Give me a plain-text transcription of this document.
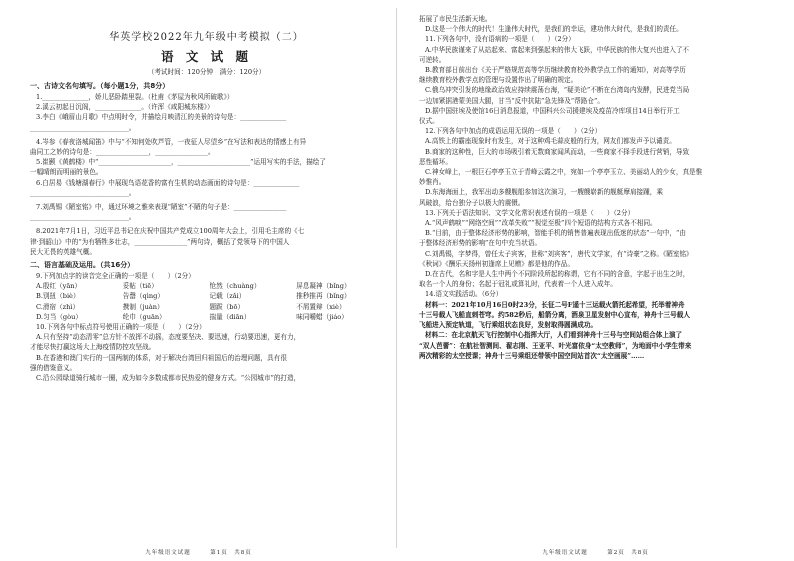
华英学校2022年九年级中考模拟（二）
语 文 试 题
（考试时间：120分钟　满分：120分）
一、古诗文名句填写。（每小题1分，共8分）
1.______________，娇儿恶卧踏里裂。（杜甫《茅屋为秋风所破歌》）
2.溪云初起日沉阁，______________。（许浑《咸阳城东楼》）
3.李白《峨眉山月歌》中点明时令，并描绘月映清江的美景的诗句是：______________
______________________________。
4.岑参《春夜洛城闻笛》中与“不知何处吹芦管，一夜征人尽望乡”在写法和表达的情感上有异
曲同工之妙的诗句是：________________，________________。
5.崔颢《黄鹤楼》中“______________________，______________________”运用写实的手法，描绘了
一幅晴朗而明丽的景色。
6.白居易《钱塘湖春行》中展现鸟语花香的富有生机的动态画面的诗句是：______________
______________________________。
7.刘禹锡《陋室铭》中，通过环境之雅来表现“陋室”不陋的句子是：________________
______________________________。
8.2021年7月1日，习近平总书记在庆祝中国共产党成立100周年大会上，引用毛主席的《七
律·到韶山》中的“为有牺牲多壮志，________________”两句诗，概括了党领导下的中国人
民大无畏的英雄气概。
二、语言基础及运用。（共16分）
9.下列加点字的读音完全正确的一项是（　　）（2分）
A.殷红（yān）	妥帖（tiē）	怆然（chuàng）	屏息凝神（bǐng）
B.别扭（biè）	告罄（qìng）	记载（zǎi）	推秒推再（bǐng）
C.滑宿（zhì）	携制（juàn）	题跋（bō）	不屑置辩（xiè）
D.匀当（gòu）	纶巾（guān）	揣量（diān）	味同嚼蜡（jiáo）
10.下列各句中标点符号使用正确的一项是（　　）（2分）
A.只有坚持“动态清零”总方针不放挥不动摇，态度要坚决、要迅速，行动要迅速，更有力，
才能尽快打赢这场大上海疫情防控攻坚战。
B.在香港和澳门实行的一国两制的体系，对于解决台湾回归祖国后的治理问题，具有很
强的借鉴意义。
C.沿公园绿道骑行城市一圈，成为如今多数成都市民热爱的健身方式。“公园城市”的打造，
九年级语文试题　　　第1页　共8页
拓展了市民生活新天地。
D.这是一个伟大的时代！生逢伟大时代，是我们的幸运，建功伟大时代，是我们的责任。
11.下列各句中，没有语病的一项是（　　）（2分）
A.中华民族谨来了从站起来、富起来到强起来的伟大飞跃，中华民族的伟大复兴也进入了不
可逆转。
B.教育部日前出台《关于严格规范高等学历继续教育校外教学点工作的通知》，对高等学历
继续教育校外教学点的管理与设置作出了明确的规定。
C.俄乌冲突引发的地缘政治效应持续震荡台海，“疑美论”不断在台湾岛内发酵，民进党当局
一边加紧据港蒙美国大腿，甘当“反中抗陆”急先锋及“帮路仓”。
D.据中国驻埃及使馆16日消息报道，中国科兴公司援建埃及疫苗冷库项目14日举行开工
仪式。
12.下列各句中加点的成语运用无误的一项是（　　）（2分）
A.高铁上的霸座现象时有发生，对于这种鸡毛蒜皮般的行为，网友们都发声予以谴责。
B.商家的这种性，巨大的市场吸引着无数商家闻风而动，一些商家不择手段进行营销，导致
恶性循环。
C.神女峰上，一根巨石亭亭玉立于青峰云霞之中，宛如一个亭亭玉立、美丽动人的少女，真是惟
妙惟肖。
D.东海海面上，我军出动多艘舰船参加这次演习，一艘艘崭新的舰艇摩肩接踵，乘
风破浪，给台独分子以极大的震慑。
13.下列关于语法知识、文学文化常识表述有误的一项是（　　）（2分）
A.“风声鹤唳”“网络空间”“改革失败”“视觉至极”四个短语的结构方式各不相同。
B.“目前，由于整体经济形势的影响，智能手机的销售普遍表现出低迷的状态”一句中，“由
于整体经济形势的影响”在句中充当状语。
C.刘禹锡，字梦得，曾任太子宾客，世称“刘宾客”，唐代文学家，有“诗豪”之称。《陋室铭》
《秋词》《酬乐天扬州初逢席上见赠》都是他的作品。
D.在古代，名和字是人生中两个不同阶段所起的称谓，它有不同的含意，字起于出生之时，
取名一个人的身份；名起于冠礼或算礼时，代表着一个人进入成年。
14.语文实践活动。（6分）
材料一：2021年10月16日0时23分，长征二号F遥十三运载火箭托起希望，托举着神舟
十三号载人飞船直刺苍穹。约582秒后，船箭分离，酒泉卫星发射中心宣布，神舟十三号载人
飞船进入预定轨道，飞行乘组状态良好，发射取得圆满成功。
材料二：在北京航天飞行控制中心指挥大厅，人们看到神舟十三号与空间站组合体上演了
“双人芭蕾”：在航社智测间、翟志刚、王亚平、叶光富依身“太空教师”，为地面中小学生带来
两次精彩的太空授课；神舟十三号乘组还带领中国空间站首次“太空画展”……
九年级语文试题　　　第2页　共8页
